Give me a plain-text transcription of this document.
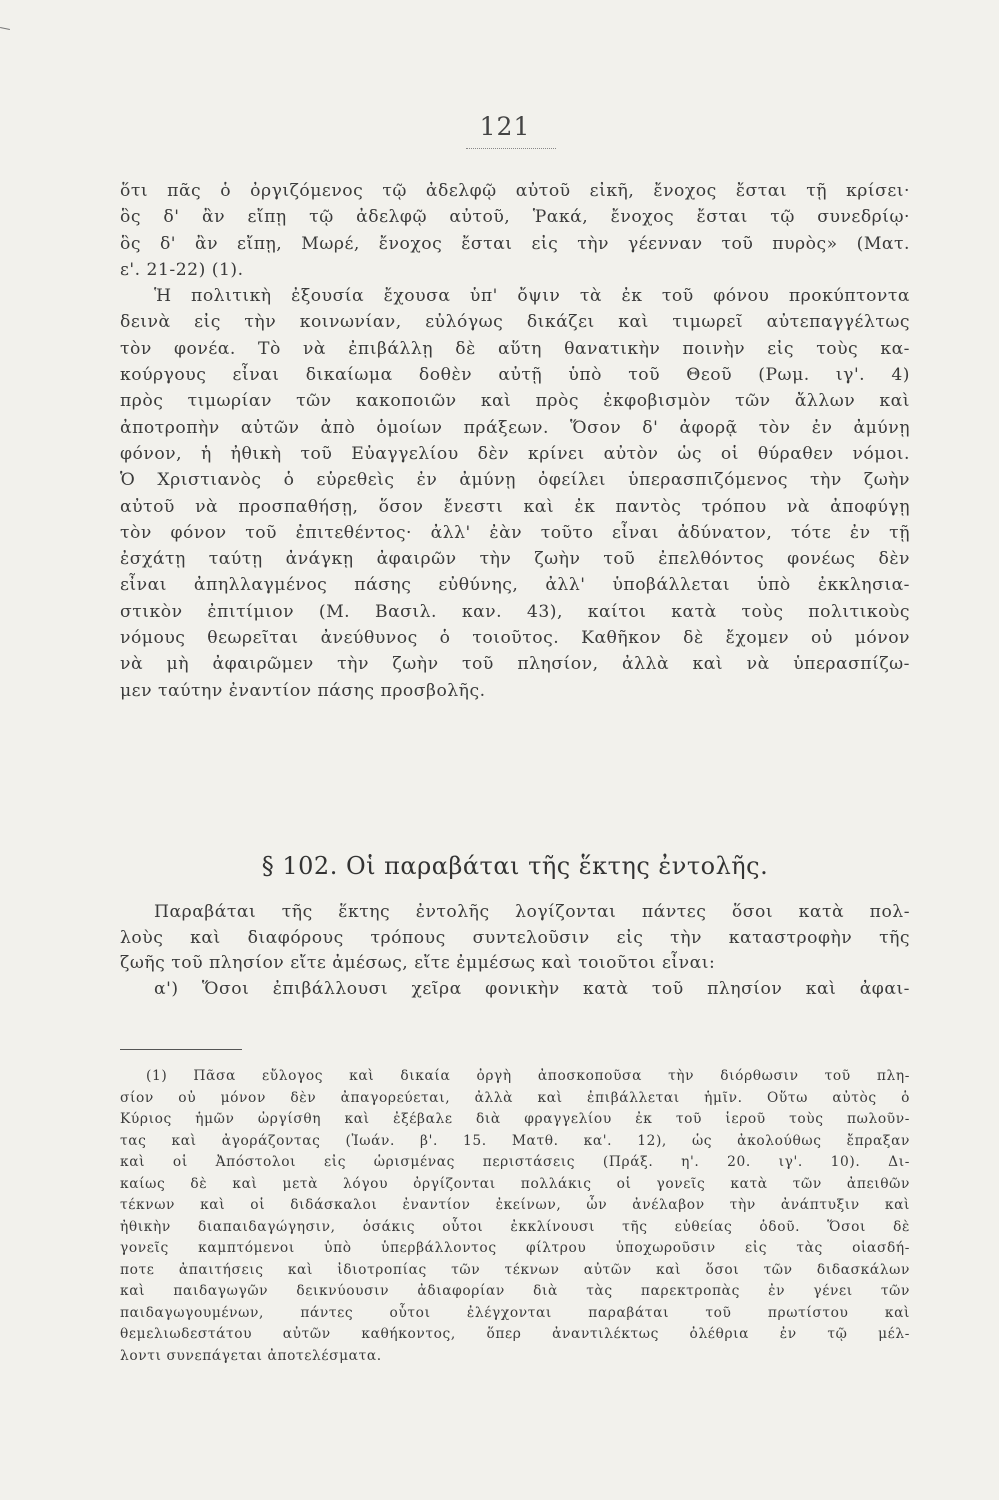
121
ὅτι πᾶς ὁ ὀργιζόμενος τῷ ἀδελφῷ αὐτοῦ εἰκῆ, ἔνοχος ἔσται τῇ κρίσει·
ὃς δ' ἂν εἴπῃ τῷ ἀδελφῷ αὐτοῦ, Ῥακά, ἔνοχος ἔσται τῷ συνεδρίῳ·
ὃς δ' ἂν εἴπῃ, Μωρέ, ἔνοχος ἔσται εἰς τὴν γέενναν τοῦ πυρὸς» (Ματ.
ε'. 21-22) (1).
Ἡ πολιτικὴ ἐξουσία ἔχουσα ὑπ' ὄψιν τὰ ἐκ τοῦ φόνου προκύπτοντα
δεινὰ εἰς τὴν κοινωνίαν, εὐλόγως δικάζει καὶ τιμωρεῖ αὐτεπαγγέλτως
τὸν φονέα. Τὸ νὰ ἐπιβάλλῃ δὲ αὕτη θανατικὴν ποινὴν εἰς τοὺς κα-
κούργους εἶναι δικαίωμα δοθὲν αὐτῇ ὑπὸ τοῦ Θεοῦ (Ρωμ. ιγ'. 4)
πρὸς τιμωρίαν τῶν κακοποιῶν καὶ πρὸς ἐκφοβισμὸν τῶν ἄλλων καὶ
ἀποτροπὴν αὐτῶν ἀπὸ ὁμοίων πράξεων. Ὅσον δ' ἀφορᾷ τὸν ἐν ἀμύνῃ
φόνον, ἡ ἠθικὴ τοῦ Εὐαγγελίου δὲν κρίνει αὐτὸν ὡς οἱ θύραθεν νόμοι.
Ὁ Χριστιανὸς ὁ εὑρεθεὶς ἐν ἀμύνῃ ὀφείλει ὑπερασπιζόμενος τὴν ζωὴν
αὐτοῦ νὰ προσπαθήσῃ, ὅσον ἔνεστι καὶ ἐκ παντὸς τρόπου νὰ ἀποφύγῃ
τὸν φόνον τοῦ ἐπιτεθέντος· ἀλλ' ἐὰν τοῦτο εἶναι ἀδύνατον, τότε ἐν τῇ
ἐσχάτῃ ταύτῃ ἀνάγκῃ ἀφαιρῶν τὴν ζωὴν τοῦ ἐπελθόντος φονέως δὲν
εἶναι ἀπηλλαγμένος πάσης εὐθύνης, ἀλλ' ὑποβάλλεται ὑπὸ ἐκκλησια-
στικὸν ἐπιτίμιον (Μ. Βασιλ. καν. 43), καίτοι κατὰ τοὺς πολιτικοὺς
νόμους θεωρεῖται ἀνεύθυνος ὁ τοιοῦτος. Καθῆκον δὲ ἔχομεν οὐ μόνον
νὰ μὴ ἀφαιρῶμεν τὴν ζωὴν τοῦ πλησίον, ἀλλὰ καὶ νὰ ὑπερασπίζω-
μεν ταύτην ἐναντίον πάσης προσβολῆς.
§ 102. Οἱ παραβάται τῆς ἕκτης ἐντολῆς.
Παραβάται τῆς ἕκτης ἐντολῆς λογίζονται πάντες ὅσοι κατὰ πολ-
λοὺς καὶ διαφόρους τρόπους συντελοῦσιν εἰς τὴν καταστροφὴν τῆς
ζωῆς τοῦ πλησίον εἴτε ἀμέσως, εἴτε ἐμμέσως καὶ τοιοῦτοι εἶναι:
α') Ὅσοι ἐπιβάλλουσι χεῖρα φονικὴν κατὰ τοῦ πλησίον καὶ ἀφαι-
(1) Πᾶσα εὔλογος καὶ δικαία ὀργὴ ἀποσκοποῦσα τὴν διόρθωσιν τοῦ πλη-
σίον οὐ μόνον δὲν ἀπαγορεύεται, ἀλλὰ καὶ ἐπιβάλλεται ἡμῖν. Οὕτω αὐτὸς ὁ
Κύριος ἡμῶν ὠργίσθη καὶ ἐξέβαλε διὰ φραγγελίου ἐκ τοῦ ἱεροῦ τοὺς πωλοῦν-
τας καὶ ἀγοράζοντας (Ἰωάν. β'. 15. Ματθ. κα'. 12), ὡς ἀκολούθως ἔπραξαν
καὶ οἱ Ἀπόστολοι εἰς ὡρισμένας περιστάσεις (Πράξ. η'. 20. ιγ'. 10). Δι-
καίως δὲ καὶ μετὰ λόγου ὀργίζονται πολλάκις οἱ γονεῖς κατὰ τῶν ἀπειθῶν
τέκνων καὶ οἱ διδάσκαλοι ἐναντίον ἐκείνων, ὧν ἀνέλαβον τὴν ἀνάπτυξιν καὶ
ἠθικὴν διαπαιδαγώγησιν, ὁσάκις οὗτοι ἐκκλίνουσι τῆς εὐθείας ὁδοῦ. Ὅσοι δὲ
γονεῖς καμπτόμενοι ὑπὸ ὑπερβάλλοντος φίλτρου ὑποχωροῦσιν εἰς τὰς οἱασδή-
ποτε ἀπαιτήσεις καὶ ἰδιοτροπίας τῶν τέκνων αὐτῶν καὶ ὅσοι τῶν διδασκάλων
καὶ παιδαγωγῶν δεικνύουσιν ἀδιαφορίαν διὰ τὰς παρεκτροπὰς ἐν γένει τῶν
παιδαγωγουμένων, πάντες οὗτοι ἐλέγχονται παραβάται τοῦ πρωτίστου καὶ
θεμελιωδεστάτου αὐτῶν καθήκοντος, ὅπερ ἀναντιλέκτως ὀλέθρια ἐν τῷ μέλ-
λοντι συνεπάγεται ἀποτελέσματα.
